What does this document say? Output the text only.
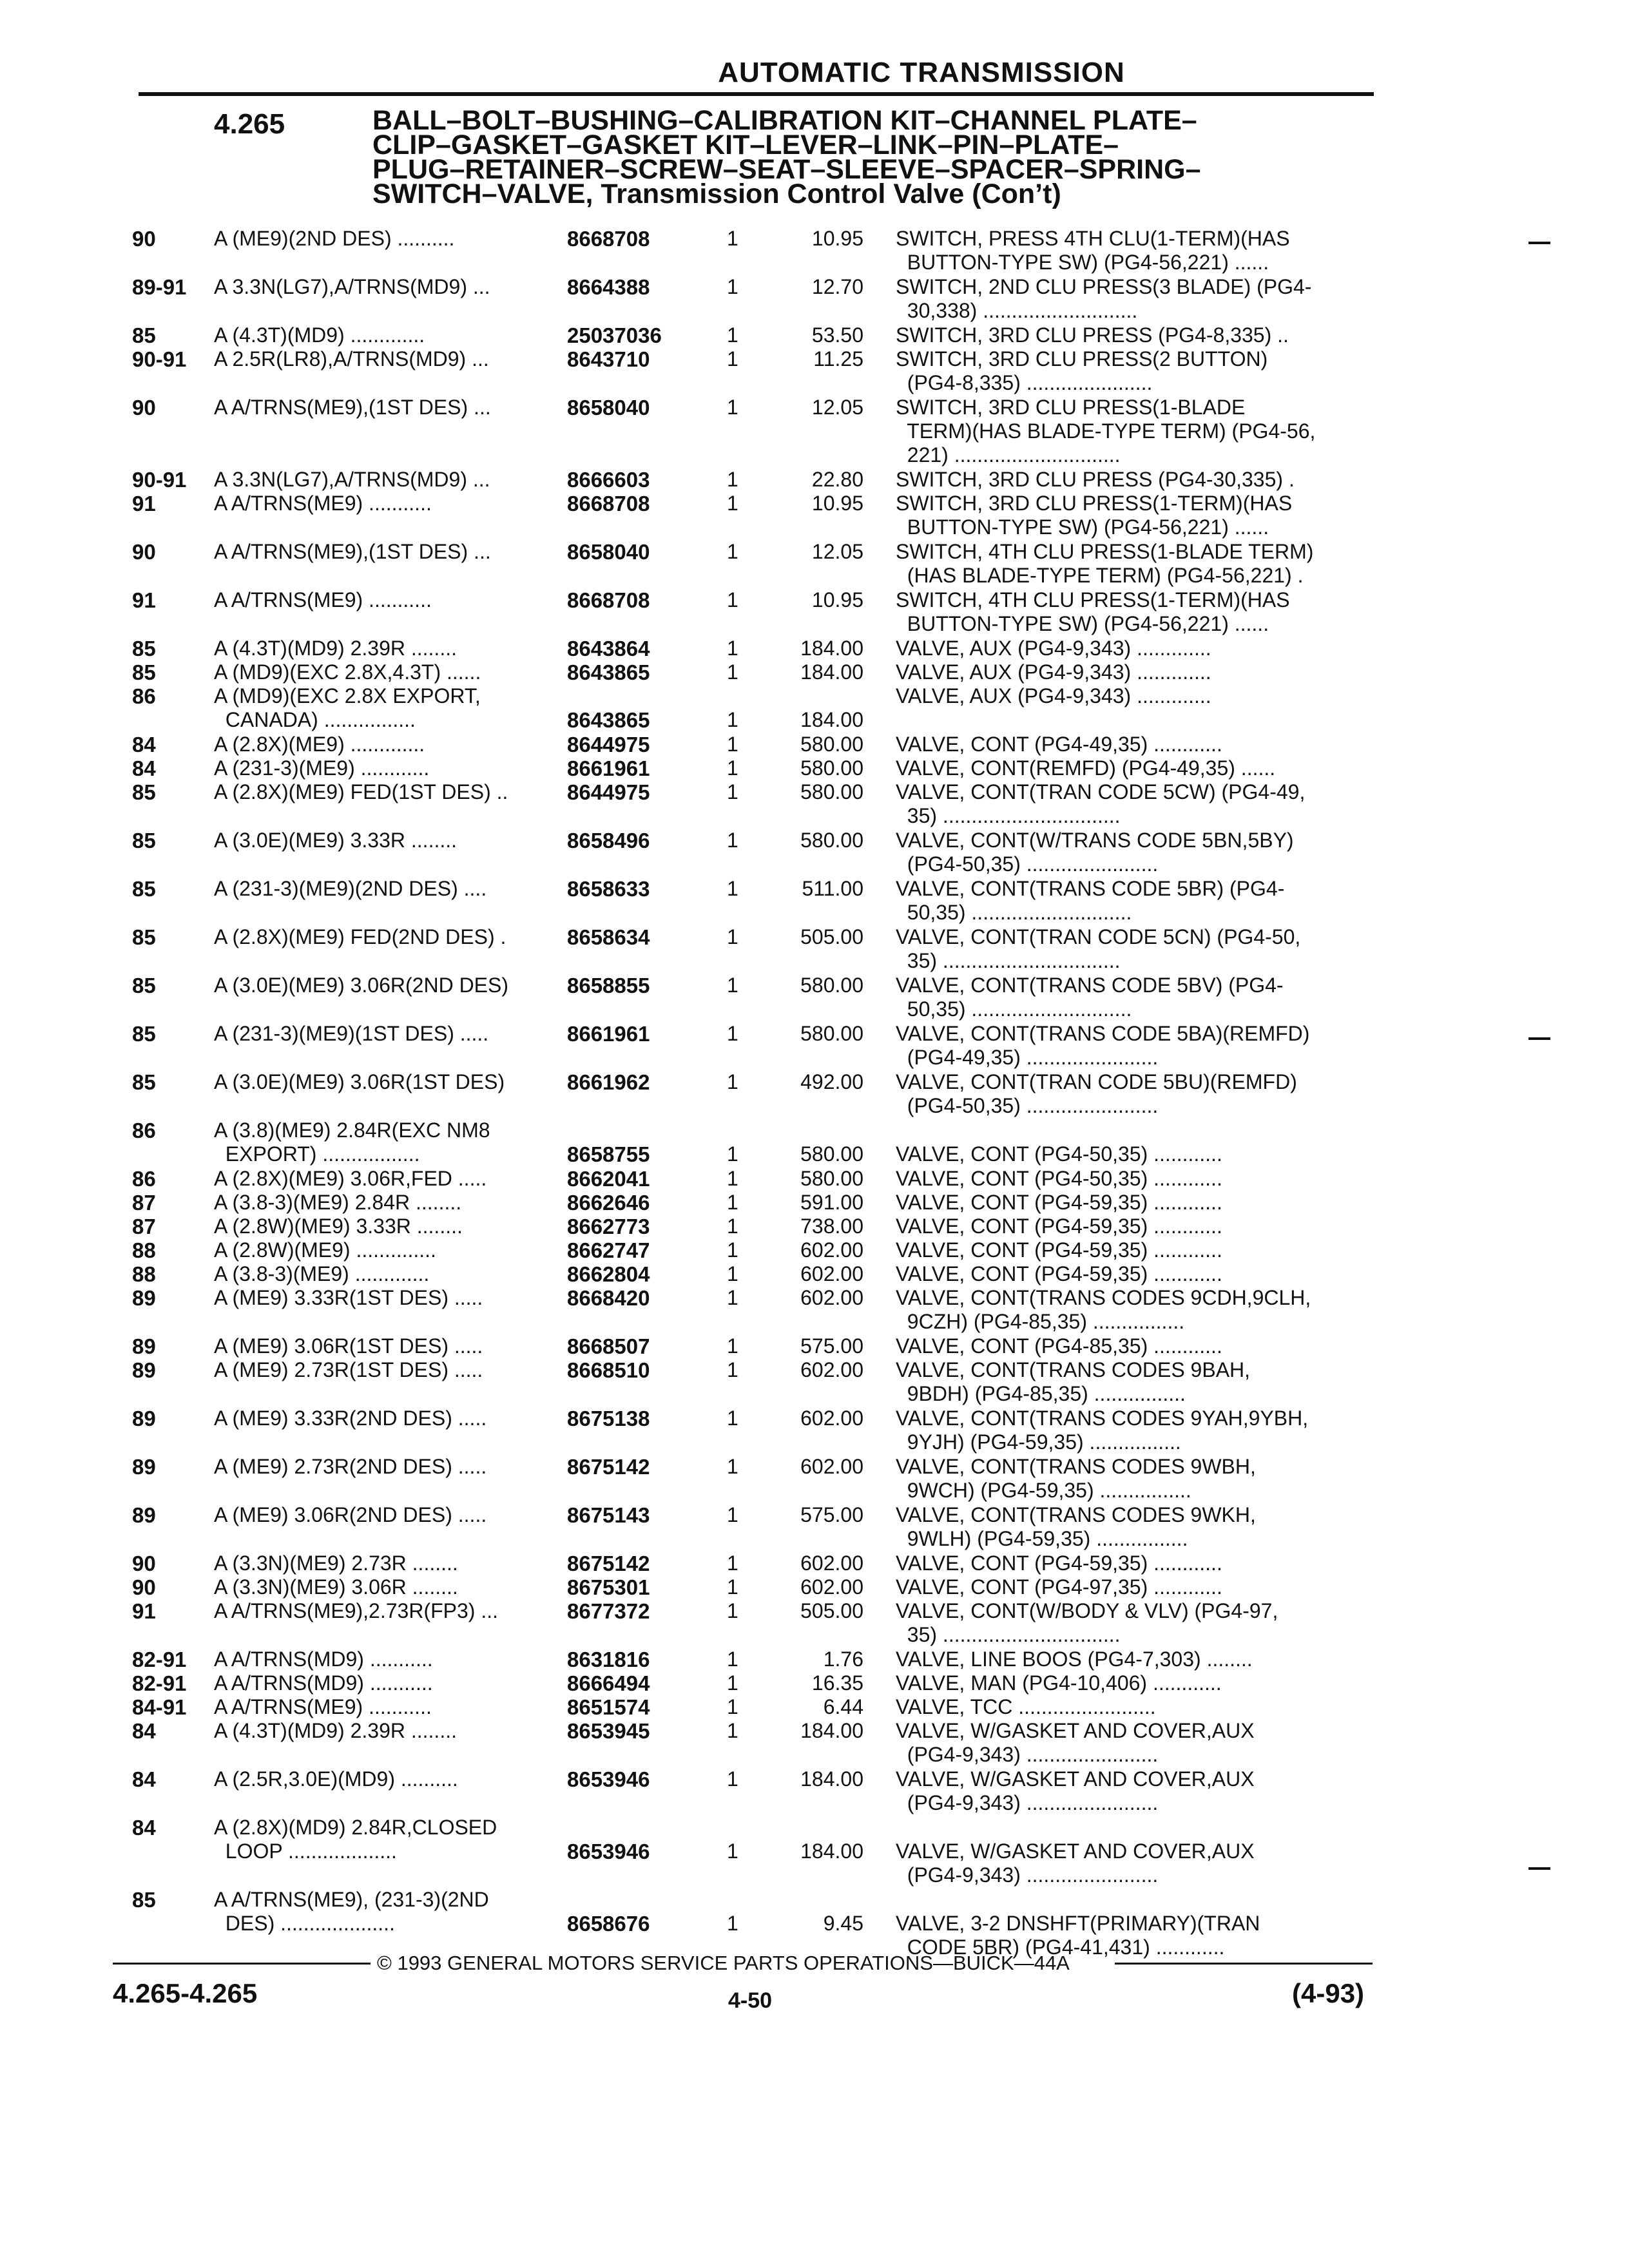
AUTOMATIC TRANSMISSION
4.265	BALL–BOLT–BUSHING–CALIBRATION KIT–CHANNEL PLATE–
CLIP–GASKET–GASKET KIT–LEVER–LINK–PIN–PLATE–
PLUG–RETAINER–SCREW–SEAT–SLEEVE–SPACER–SPRING–
SWITCH–VALVE, Transmission Control Valve (Con’t)
90	A (ME9)(2ND DES) ..........	8668708	1	10.95 SWITCH, PRESS 4TH CLU(1-TERM)(HAS
BUTTON-TYPE SW) (PG4-56,221) ......
89-91 A 3.3N(LG7),A/TRNS(MD9) ...	8664388	1	12.70 SWITCH, 2ND CLU PRESS(3 BLADE) (PG4-
30,338) ...........................
85	A (4.3T)(MD9) .............	25037036	1	53.50 SWITCH, 3RD CLU PRESS (PG4-8,335) ..
90-91 A 2.5R(LR8),A/TRNS(MD9) ...	8643710	1	11.25 SWITCH, 3RD CLU PRESS(2 BUTTON)
(PG4-8,335) ......................
90	A A/TRNS(ME9),(1ST DES) ...	8658040	1	12.05 SWITCH, 3RD CLU PRESS(1-BLADE
TERM)(HAS BLADE-TYPE TERM) (PG4-56,
221) .............................
90-91 A 3.3N(LG7),A/TRNS(MD9) ...	8666603	1	22.80 SWITCH, 3RD CLU PRESS (PG4-30,335) .
91	A A/TRNS(ME9) ...........	8668708	1	10.95 SWITCH, 3RD CLU PRESS(1-TERM)(HAS
BUTTON-TYPE SW) (PG4-56,221) ......
90	A A/TRNS(ME9),(1ST DES) ...	8658040	1	12.05 SWITCH, 4TH CLU PRESS(1-BLADE TERM)
(HAS BLADE-TYPE TERM) (PG4-56,221) .
91	A A/TRNS(ME9) ...........	8668708	1	10.95 SWITCH, 4TH CLU PRESS(1-TERM)(HAS
BUTTON-TYPE SW) (PG4-56,221) ......
85	A (4.3T)(MD9) 2.39R ........	8643864	1	184.00 VALVE, AUX (PG4-9,343) .............
85	A (MD9)(EXC 2.8X,4.3T) ......	8643865	1	184.00 VALVE, AUX (PG4-9,343) .............
86	A (MD9)(EXC 2.8X EXPORT,
CANADA) ................	8643865	1	184.00
VALVE, AUX (PG4-9,343) .............
84	A (2.8X)(ME9) .............	8644975	1	580.00 VALVE, CONT (PG4-49,35) ............
84	A (231-3)(ME9) ............	8661961	1	580.00 VALVE, CONT(REMFD) (PG4-49,35) ......
85	A (2.8X)(ME9) FED(1ST DES) ..	8644975	1	580.00 VALVE, CONT(TRAN CODE 5CW) (PG4-49,
35) ...............................
85	A (3.0E)(ME9) 3.33R ........	8658496	1	580.00 VALVE, CONT(W/TRANS CODE 5BN,5BY)
(PG4-50,35) .......................
85	A (231-3)(ME9)(2ND DES) ....	8658633	1	511.00 VALVE, CONT(TRANS CODE 5BR) (PG4-
50,35) ............................
85	A (2.8X)(ME9) FED(2ND DES) .	8658634	1	505.00 VALVE, CONT(TRAN CODE 5CN) (PG4-50,
35) ...............................
85	A (3.0E)(ME9) 3.06R(2ND DES)	8658855	1	580.00 VALVE, CONT(TRANS CODE 5BV) (PG4-
50,35) ............................
85	A (231-3)(ME9)(1ST DES) .....	8661961	1	580.00 VALVE, CONT(TRANS CODE 5BA)(REMFD)
(PG4-49,35) .......................
85	A (3.0E)(ME9) 3.06R(1ST DES)	8661962	1	492.00 VALVE, CONT(TRAN CODE 5BU)(REMFD)
(PG4-50,35) .......................
86	A (3.8)(ME9) 2.84R(EXC NM8
EXPORT) .................	8658755	1	580.00 VALVE, CONT (PG4-50,35) ............
86	A (2.8X)(ME9) 3.06R,FED .....	8662041	1	580.00 VALVE, CONT (PG4-50,35) ............
87	A (3.8-3)(ME9) 2.84R ........	8662646	1	591.00 VALVE, CONT (PG4-59,35) ............
87	A (2.8W)(ME9) 3.33R ........	8662773	1	738.00 VALVE, CONT (PG4-59,35) ............
88	A (2.8W)(ME9) ..............	8662747	1	602.00 VALVE, CONT (PG4-59,35) ............
88	A (3.8-3)(ME9) .............	8662804	1	602.00 VALVE, CONT (PG4-59,35) ............
89	A (ME9) 3.33R(1ST DES) .....	8668420	1	602.00 VALVE, CONT(TRANS CODES 9CDH,9CLH,
9CZH) (PG4-85,35) ................
89	A (ME9) 3.06R(1ST DES) .....	8668507	1	575.00 VALVE, CONT (PG4-85,35) ............
89	A (ME9) 2.73R(1ST DES) .....	8668510	1	602.00 VALVE, CONT(TRANS CODES 9BAH,
9BDH) (PG4-85,35) ................
89	A (ME9) 3.33R(2ND DES) .....	8675138	1	602.00 VALVE, CONT(TRANS CODES 9YAH,9YBH,
9YJH) (PG4-59,35) ................
89	A (ME9) 2.73R(2ND DES) .....	8675142	1	602.00 VALVE, CONT(TRANS CODES 9WBH,
9WCH) (PG4-59,35) ................
89	A (ME9) 3.06R(2ND DES) .....	8675143	1	575.00 VALVE, CONT(TRANS CODES 9WKH,
9WLH) (PG4-59,35) ................
90	A (3.3N)(ME9) 2.73R ........	8675142	1	602.00 VALVE, CONT (PG4-59,35) ............
90	A (3.3N)(ME9) 3.06R ........	8675301	1	602.00 VALVE, CONT (PG4-97,35) ............
91	A A/TRNS(ME9),2.73R(FP3) ...	8677372	1	505.00 VALVE, CONT(W/BODY & VLV) (PG4-97,
35) ...............................
82-91 A A/TRNS(MD9) ...........	8631816	1	1.76 VALVE, LINE BOOS (PG4-7,303) ........
82-91 A A/TRNS(MD9) ...........	8666494	1	16.35 VALVE, MAN (PG4-10,406) ............
84-91 A A/TRNS(ME9) ...........	8651574	1	6.44 VALVE, TCC ........................
84	A (4.3T)(MD9) 2.39R ........	8653945	1	184.00 VALVE, W/GASKET AND COVER,AUX
(PG4-9,343) .......................
84	A (2.5R,3.0E)(MD9) ..........	8653946	1	184.00 VALVE, W/GASKET AND COVER,AUX
(PG4-9,343) .......................
84	A (2.8X)(MD9) 2.84R,CLOSED
LOOP ...................	8653946	1	184.00 VALVE, W/GASKET AND COVER,AUX
(PG4-9,343) .......................
85	A A/TRNS(ME9), (231-3)(2ND
DES) ....................	8658676	1	9.45 VALVE, 3-2 DNSHFT(PRIMARY)(TRAN
CODE 5BR) (PG4-41,431) ............
© 1993 GENERAL MOTORS SERVICE PARTS OPERATIONS—BUICK—44A
4.265-4.265	4-50	(4-93)
